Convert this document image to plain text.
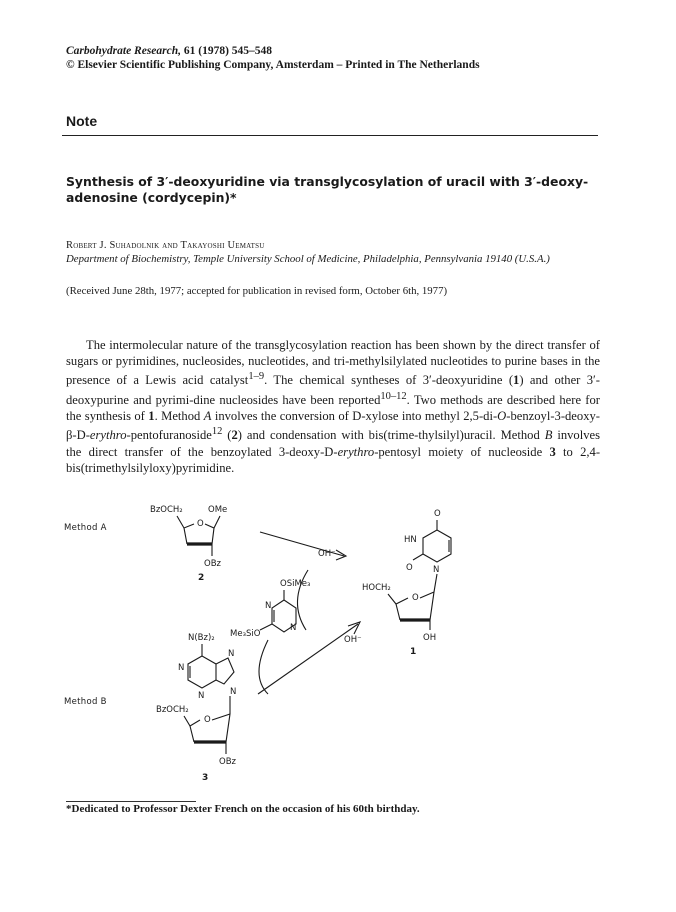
Carbohydrate Research, 61 (1978) 545–548
© Elsevier Scientific Publishing Company, Amsterdam – Printed in The Netherlands
Note
Synthesis of 3′-deoxyuridine via transglycosylation of uracil with 3′-deoxy-adenosine (cordycepin)*
Robert J. Suhadolnik and Takayoshi Uematsu
Department of Biochemistry, Temple University School of Medicine, Philadelphia, Pennsylvania 19140 (U.S.A.)
(Received June 28th, 1977; accepted for publication in revised form, October 6th, 1977)

The intermolecular nature of the transglycosylation reaction has been shown by the direct transfer of sugars or pyrimidines, nucleosides, nucleotides, and tri-methylsilylated nucleotides to purine bases in the presence of a Lewis acid catalyst$^{1-9}$. The chemical syntheses of 3′-deoxyuridine (1) and other 3′-deoxypurine and pyrimi-dine nucleosides have been reported$^{10-12}$. Two methods are described here for the synthesis of 1. Method A involves the conversion of D-xylose into methyl 2,5-di-O-benzoyl-3-deoxy-β-D-erythro-pentofuranoside$^{12}$ (2) and condensation with bis(trime-thylsilyl)uracil. Method B involves the direct transfer of the benzoylated 3-deoxy-D-erythro-pentosyl moiety of nucleoside 3 to 2,4-bis(trimethylsilyloxy)pyrimidine.

Method A
Method B
BzOCH₂	OMe
O
OBz
2
OH⁻
OSiMe₃
N
N
Me₃SiO
OH⁻
O
HN
O N
HOCH₂
O
OH
1
N(Bz)₂
N
N
N
N
BzOCH₂
O
OBz
3
*Dedicated to Professor Dexter French on the occasion of his 60th birthday.
